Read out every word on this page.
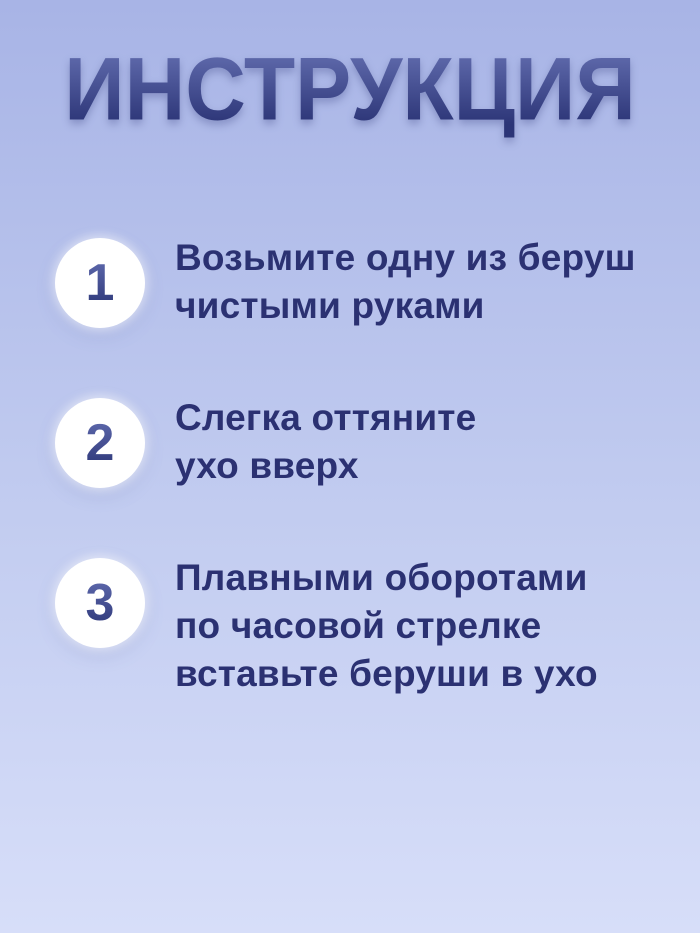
ИНСТРУКЦИЯ
1 Возьмите одну из беруш
чистыми руками
2 Слегка оттяните
ухо вверх
3 Плавными оборотами
по часовой стрелке
вставьте беруши в ухо
